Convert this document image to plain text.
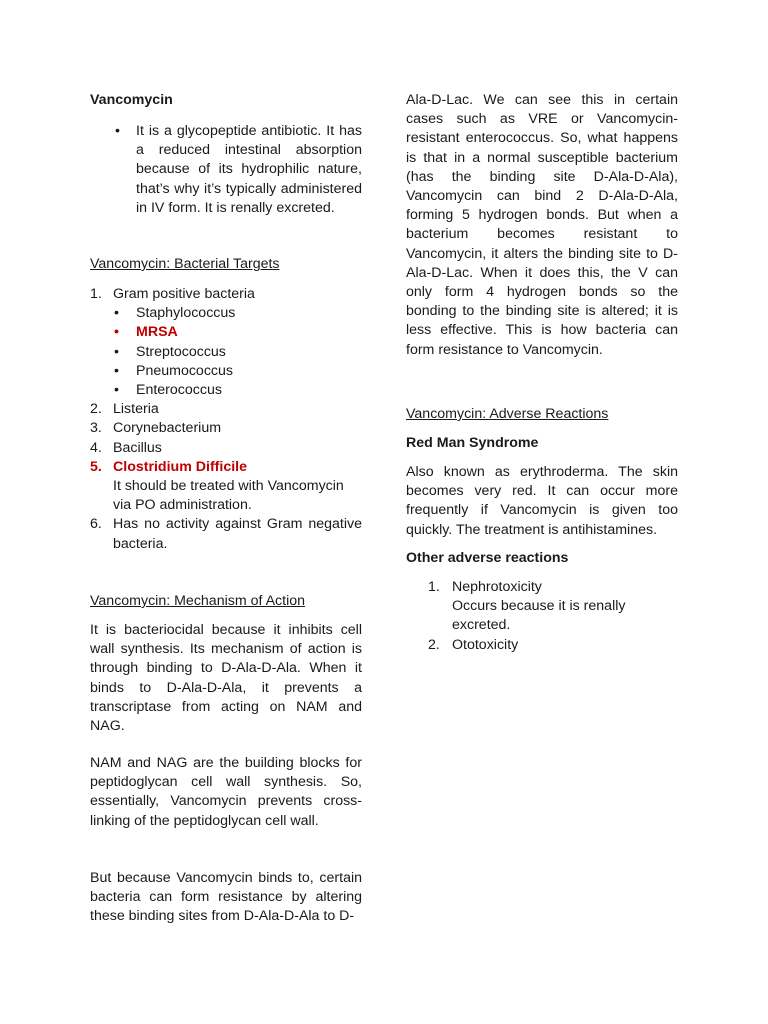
Vancomycin
• It is a glycopeptide antibiotic. It has a reduced intestinal absorption because of its hydrophilic nature, that’s why it’s typically administered in IV form. It is renally excreted.
Vancomycin: Bacterial Targets
1. Gram positive bacteria
• Staphylococcus
• MRSA
• Streptococcus
• Pneumococcus
• Enterococcus
2. Listeria
3. Corynebacterium
4. Bacillus
5. Clostridium Difficile
It should be treated with Vancomycin via PO administration.
6. Has no activity against Gram negative bacteria.
Vancomycin: Mechanism of Action

It is bacteriocidal because it inhibits cell wall synthesis. Its mechanism of action is through binding to D-Ala-D-Ala. When it binds to D-Ala-D-Ala, it prevents a transcriptase from acting on NAM and NAG.

NAM and NAG are the building blocks for peptidoglycan cell wall synthesis. So, essentially, Vancomycin prevents cross-linking of the peptidoglycan cell wall.

But because Vancomycin binds to, certain bacteria can form resistance by altering these binding sites from D-Ala-D-Ala to D-

Ala-D-Lac. We can see this in certain cases such as VRE or Vancomycin-resistant enterococcus. So, what happens is that in a normal susceptible bacterium (has the binding site D-Ala-D-Ala), Vancomycin can bind 2 D-Ala-D-Ala, forming 5 hydrogen bonds. But when a bacterium becomes resistant to Vancomycin, it alters the binding site to D-Ala-D-Lac. When it does this, the V can only form 4 hydrogen bonds so the bonding to the binding site is altered; it is less effective. This is how bacteria can form resistance to Vancomycin.

Vancomycin: Adverse Reactions
Red Man Syndrome

Also known as erythroderma. The skin becomes very red. It can occur more frequently if Vancomycin is given too quickly. The treatment is antihistamines.

Other adverse reactions
1. Nephrotoxicity
Occurs because it is renally excreted.
2. Ototoxicity
